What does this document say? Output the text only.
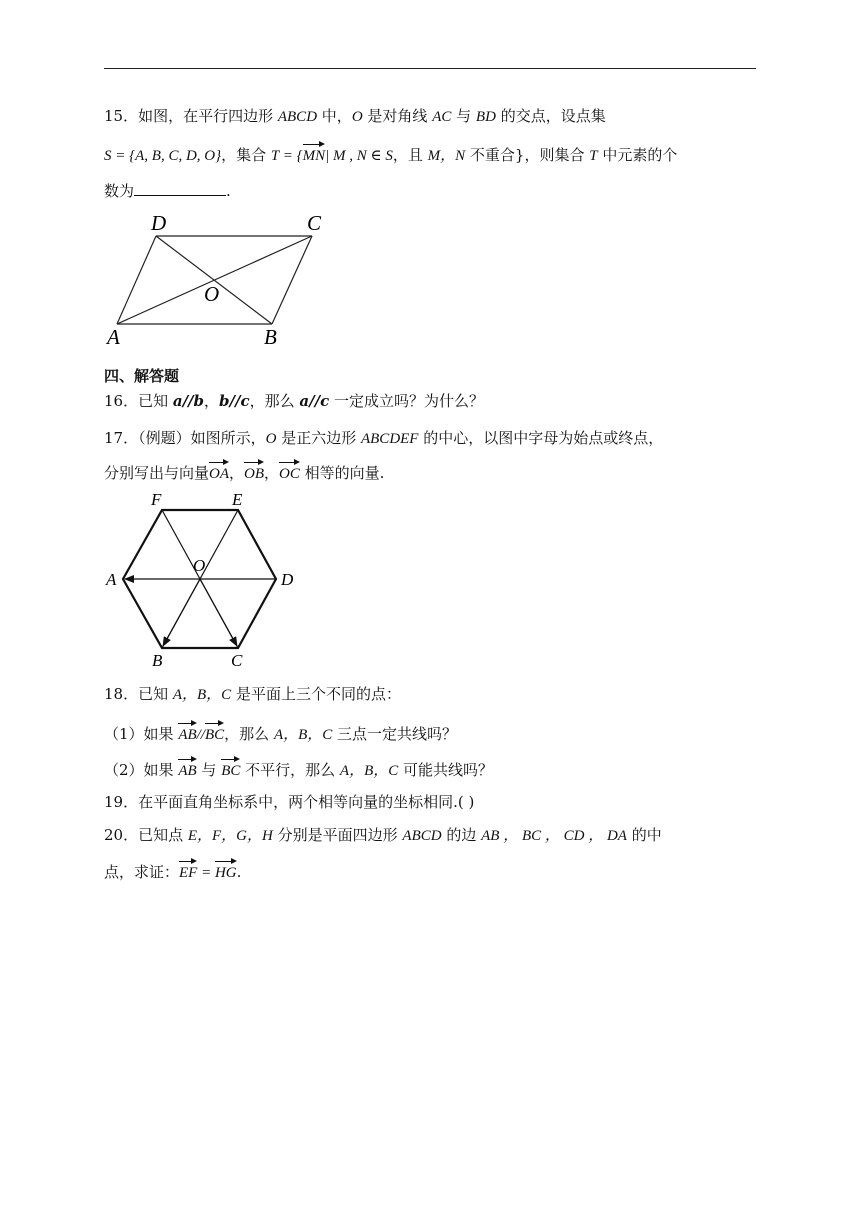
15．如图，在平行四边形 ABCD 中，O 是对角线 AC 与 BD 的交点，设点集
S = {A, B, C, D, O}，集合 T = {MN| M , N ∈ S，且 M，N 不重合}，则集合 T 中元素的个
数为	.
D	C
O
A	B
四、解答题
16．已知 a//b，b//c，那么 a//c 一定成立吗？为什么？
17．（例题）如图所示，O 是正六边形 ABCDEF 的中心，以图中字母为始点或终点，
分别写出与向量OA，OB，OC 相等的向量.
F	E
A
O
D
B	C
18．已知 A，B，C 是平面上三个不同的点：
（1）如果 AB//BC，那么 A，B，C 三点一定共线吗？
（2）如果 AB 与 BC 不平行，那么 A，B，C 可能共线吗？
19．在平面直角坐标系中，两个相等向量的坐标相同.( )
20．已知点 E，F，G，H 分别是平面四边形 ABCD 的边 AB ， BC ， CD ， DA 的中
点，求证：EF = HG.
